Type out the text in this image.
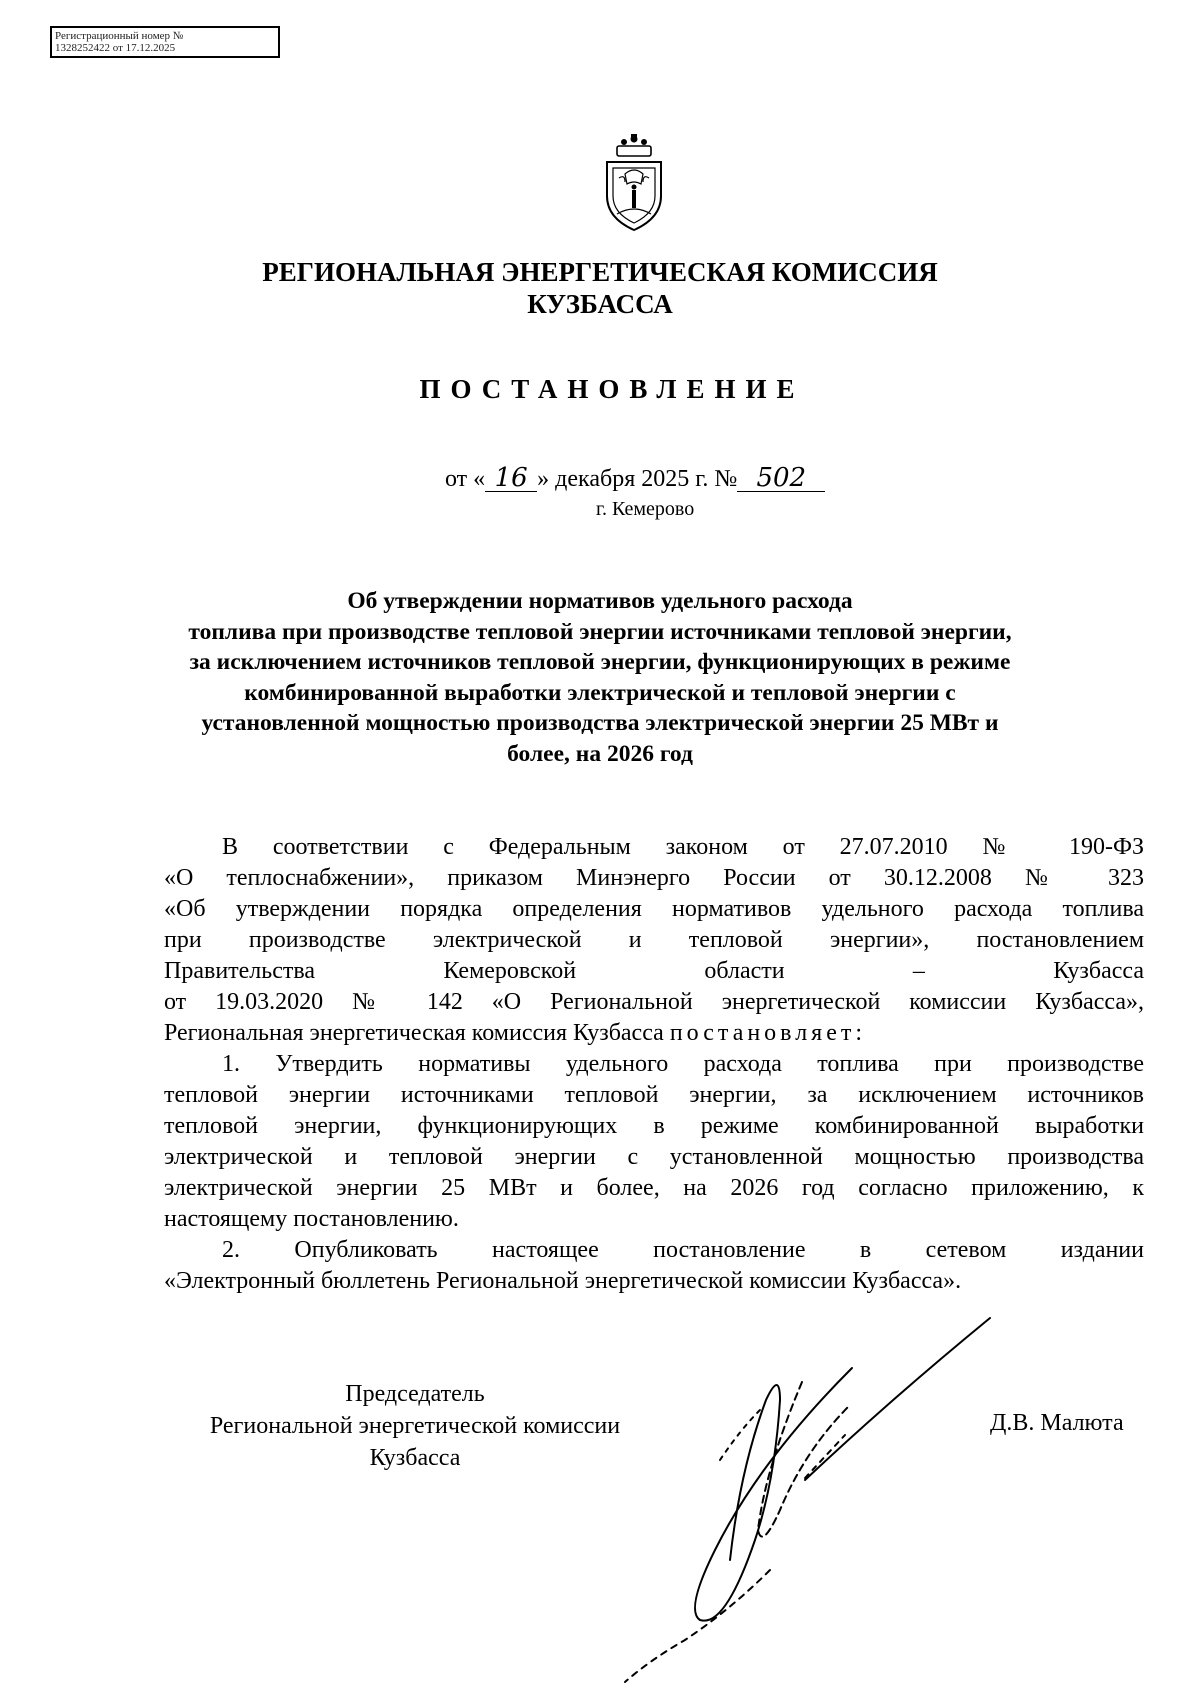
Регистрационный номер №
1328252422 от 17.12.2025
РЕГИОНАЛЬНАЯ ЭНЕРГЕТИЧЕСКАЯ КОМИССИЯ
КУЗБАССА
ПОСТАНОВЛЕНИЕ
от « 16 » декабря 2025 г. № 502
г. Кемерово
Об утверждении нормативов удельного расхода
топлива при производстве тепловой энергии источниками тепловой энергии,
за исключением источников тепловой энергии, функционирующих в режиме
комбинированной выработки электрической и тепловой энергии с
установленной мощностью производства электрической энергии 25 МВт и
более, на 2026 год
В соответствии с Федеральным законом от 27.07.2010 № 190-ФЗ
«О теплоснабжении», приказом Минэнерго России от 30.12.2008 № 323
«Об утверждении порядка определения нормативов удельного расхода топлива
при производстве электрической и тепловой энергии», постановлением
Правительства Кемеровской области – Кузбасса
от 19.03.2020 № 142 «О Региональной энергетической комиссии Кузбасса»,
Региональная энергетическая комиссия Кузбасса постановляет:
1. Утвердить нормативы удельного расхода топлива при производстве
тепловой энергии источниками тепловой энергии, за исключением источников
тепловой энергии, функционирующих в режиме комбинированной выработки
электрической и тепловой энергии с установленной мощностью производства
электрической энергии 25 МВт и более, на 2026 год согласно приложению, к
настоящему постановлению.
2. Опубликовать настоящее постановление в сетевом издании
«Электронный бюллетень Региональной энергетической комиссии Кузбасса».
Председатель
Региональной энергетической комиссии
Кузбасса
Д.В. Малюта
